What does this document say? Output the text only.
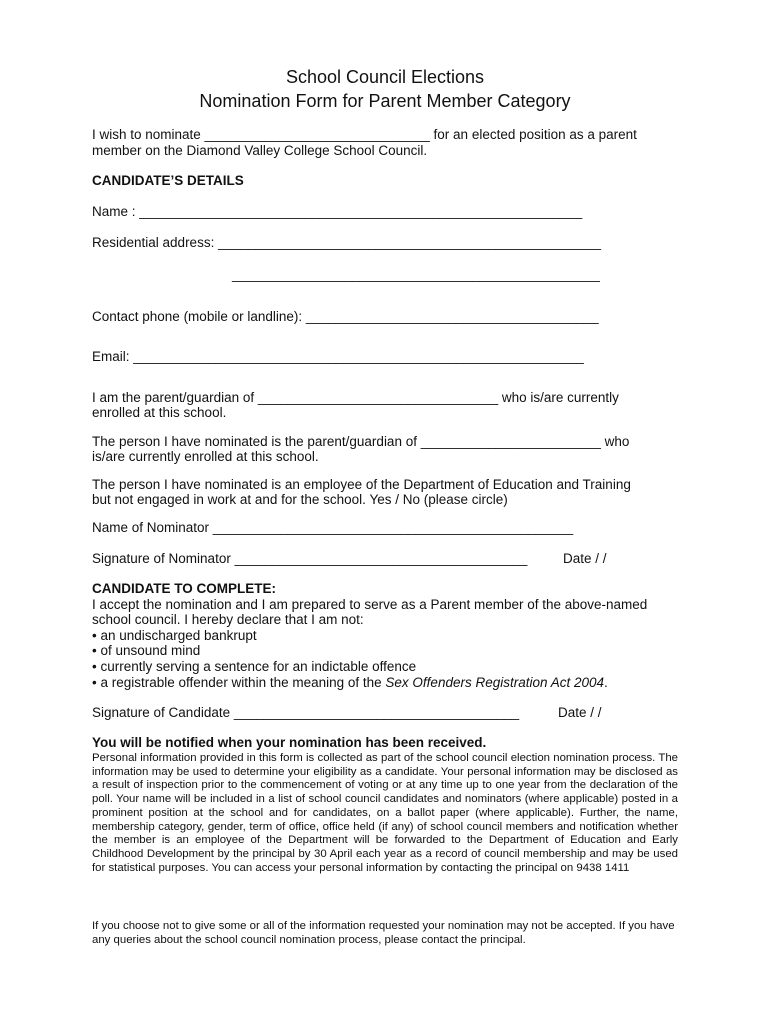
School Council Elections
Nomination Form for Parent Member Category
I wish to nominate ______________________________ for an elected position as a parent
member on the Diamond Valley College School Council.
CANDIDATE’S DETAILS
Name : ___________________________________________________________
Residential address: ___________________________________________________
_________________________________________________
Contact phone (mobile or landline): _______________________________________
Email: ____________________________________________________________
I am the parent/guardian of ________________________________ who is/are currently
enrolled at this school.
The person I have nominated is the parent/guardian of ________________________ who
is/are currently enrolled at this school.
The person I have nominated is an employee of the Department of Education and Training
but not engaged in work at and for the school. Yes / No (please circle)
Name of Nominator ________________________________________________
Signature of Nominator _______________________________________	Date / /
CANDIDATE TO COMPLETE:
I accept the nomination and I am prepared to serve as a Parent member of the above-named
school council. I hereby declare that I am not:
• an undischarged bankrupt
• of unsound mind
• currently serving a sentence for an indictable offence
• a registrable offender within the meaning of the Sex Offenders Registration Act 2004.
Signature of Candidate ______________________________________	Date / /
You will be notified when your nomination has been received.
Personal information provided in this form is collected as part of the school council election nomination process. The information may be used to determine your eligibility as a candidate. Your personal information may be disclosed as a result of inspection prior to the commencement of voting or at any time up to one year from the declaration of the poll. Your name will be included in a list of school council candidates and nominators (where applicable) posted in a prominent position at the school and for candidates, on a ballot paper (where applicable). Further, the name, membership category, gender, term of office, office held (if any) of school council members and notification whether the member is an employee of the Department will be forwarded to the Department of Education and Early Childhood Development by the principal by 30 April each year as a record of council membership and may be used for statistical purposes. You can access your personal information by contacting the principal on 9438 1411
If you choose not to give some or all of the information requested your nomination may not be accepted. If you have any queries about the school council nomination process, please contact the principal.
